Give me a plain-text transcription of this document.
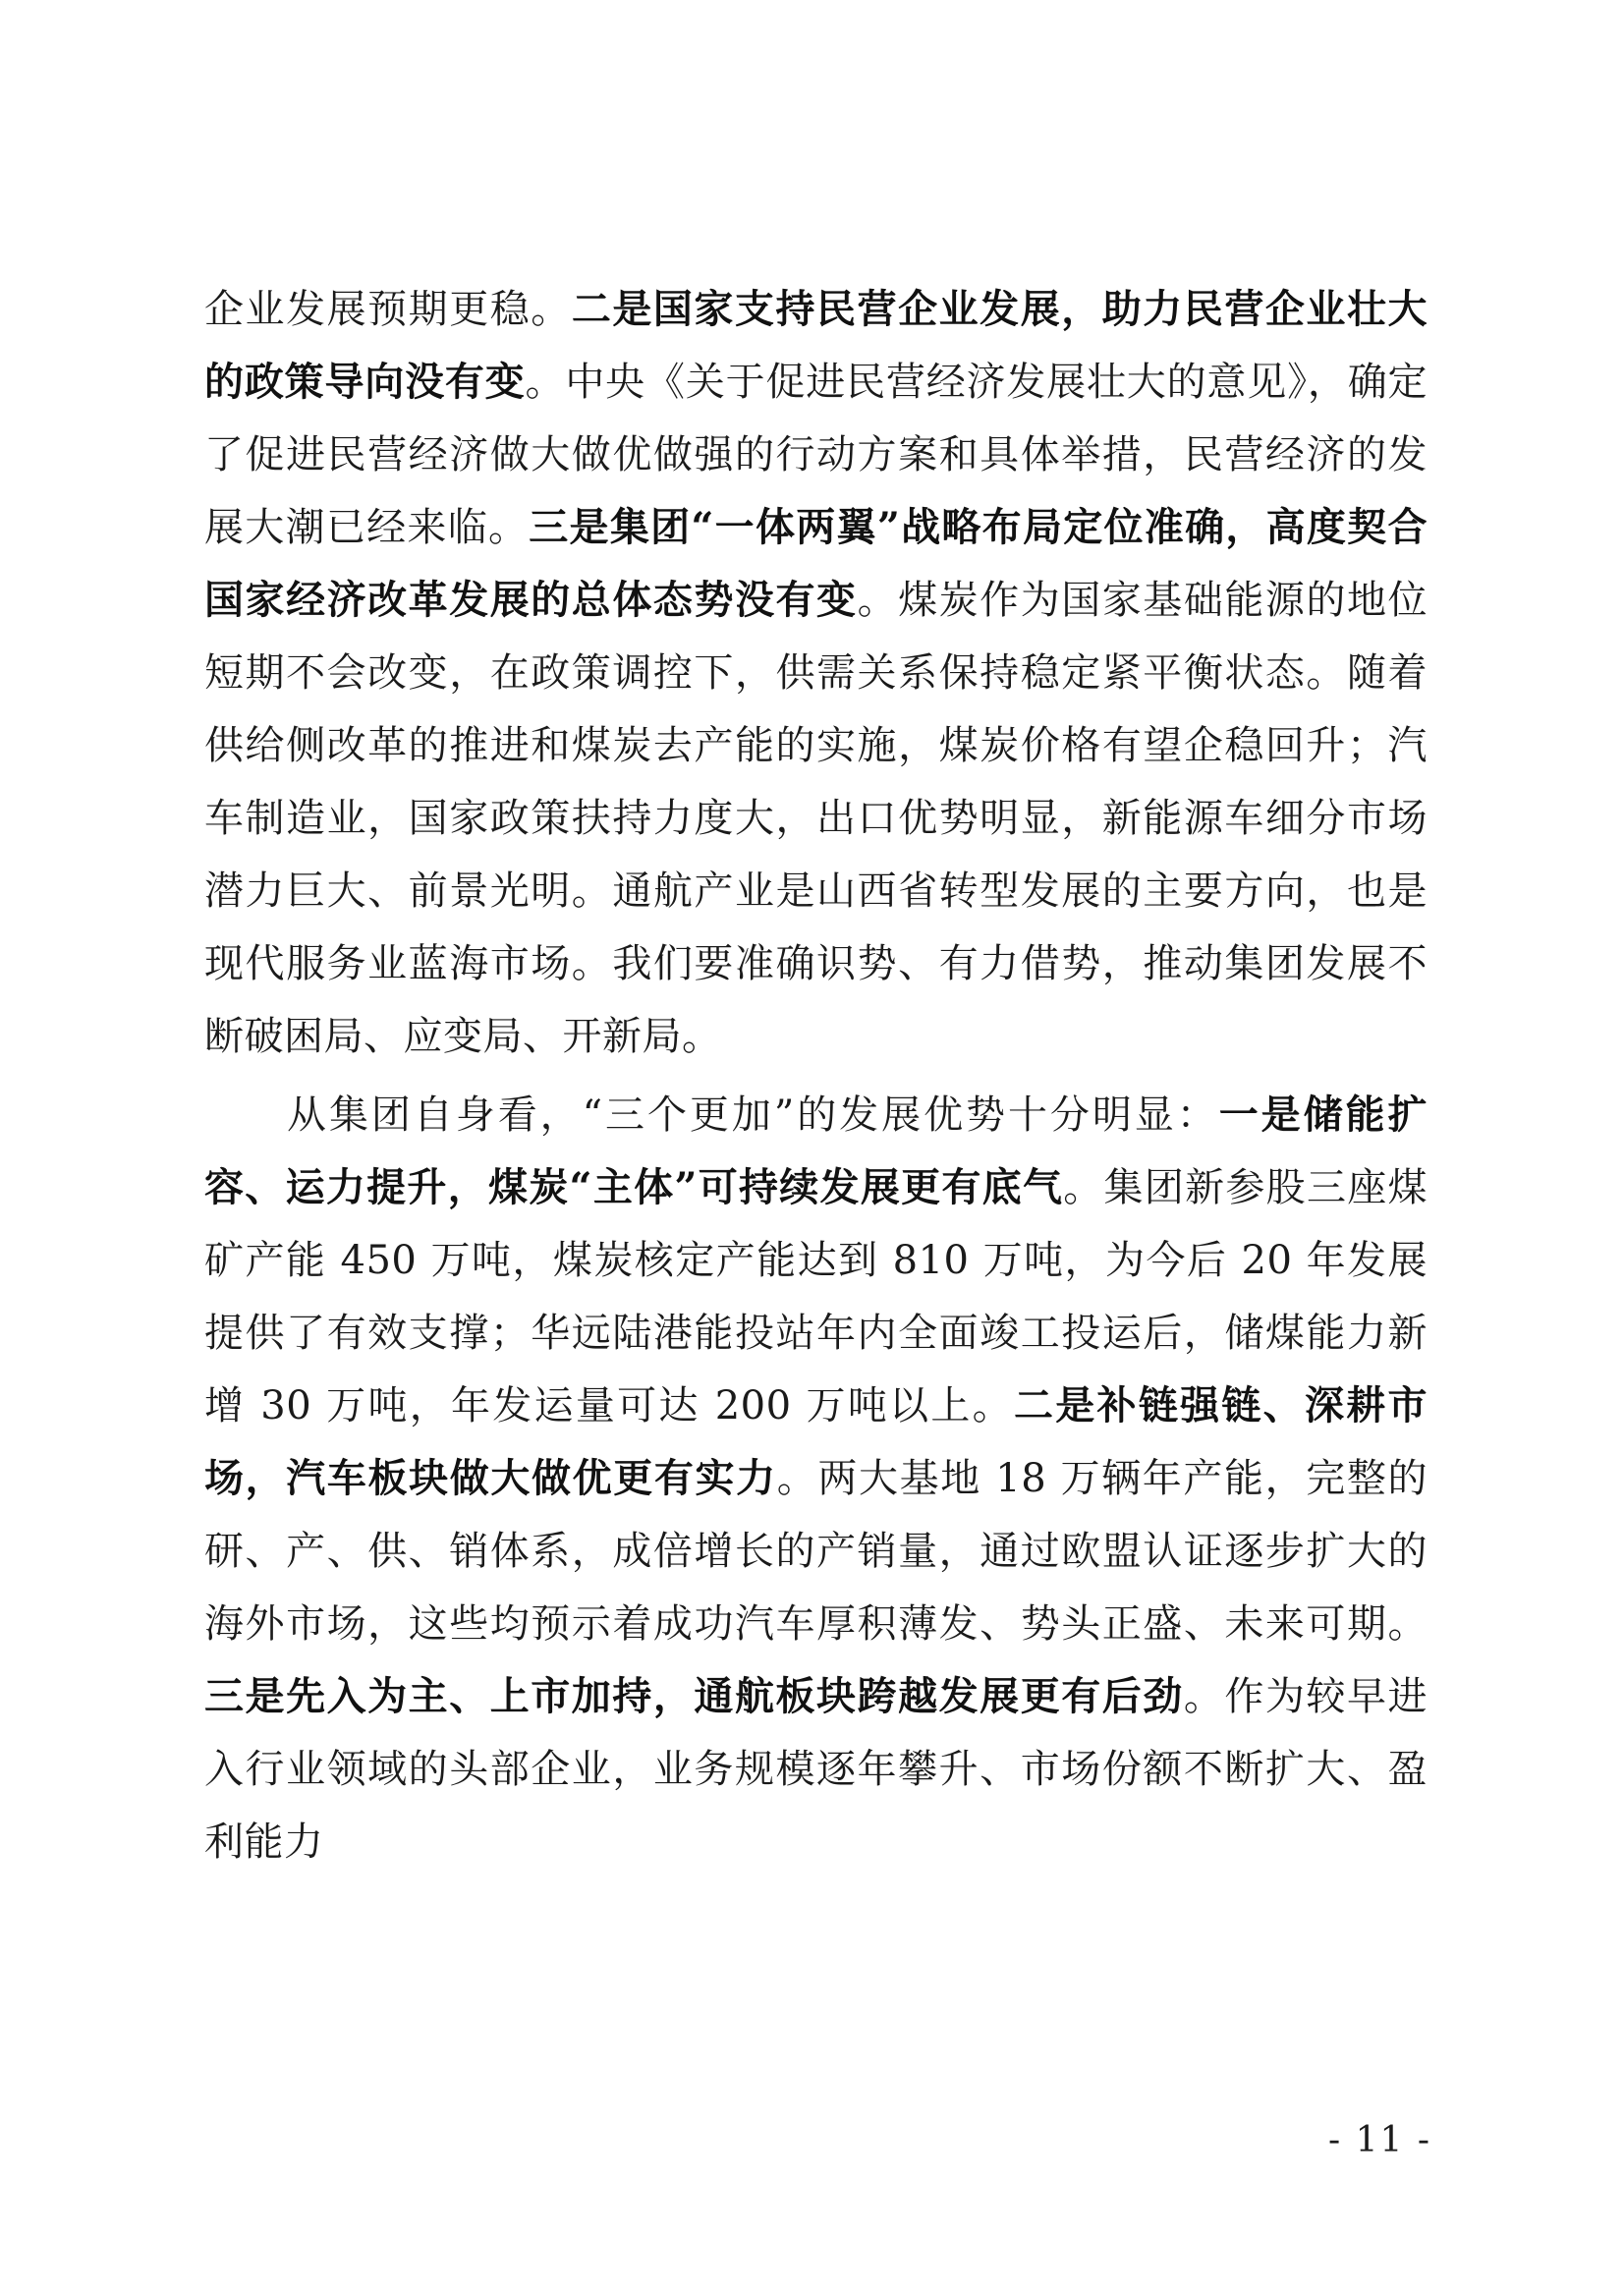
企业发展预期更稳。二是国家支持民营企业发展，助力民营企业壮大的政策导向没有变。中央《关于促进民营经济发展壮大的意见》，确定了促进民营经济做大做优做强的行动方案和具体举措，民营经济的发展大潮已经来临。三是集团“一体两翼”战略布局定位准确，高度契合国家经济改革发展的总体态势没有变。煤炭作为国家基础能源的地位短期不会改变，在政策调控下，供需关系保持稳定紧平衡状态。随着供给侧改革的推进和煤炭去产能的实施，煤炭价格有望企稳回升；汽车制造业，国家政策扶持力度大，出口优势明显，新能源车细分市场潜力巨大、前景光明。通航产业是山西省转型发展的主要方向，也是现代服务业蓝海市场。我们要准确识势、有力借势，推动集团发展不断破困局、应变局、开新局。

从集团自身看，“三个更加”的发展优势十分明显：一是储能扩容、运力提升，煤炭“主体”可持续发展更有底气。集团新参股三座煤矿产能 450 万吨，煤炭核定产能达到 810 万吨，为今后 20 年发展提供了有效支撑；华远陆港能投站年内全面竣工投运后，储煤能力新增 30 万吨，年发运量可达 200 万吨以上。二是补链强链、深耕市场，汽车板块做大做优更有实力。两大基地 18 万辆年产能，完整的研、产、供、销体系，成倍增长的产销量，通过欧盟认证逐步扩大的海外市场，这些均预示着成功汽车厚积薄发、势头正盛、未来可期。三是先入为主、上市加持，通航板块跨越发展更有后劲。作为较早进入行业领域的头部企业，业务规模逐年攀升、市场份额不断扩大、盈利能力

- 11 -
